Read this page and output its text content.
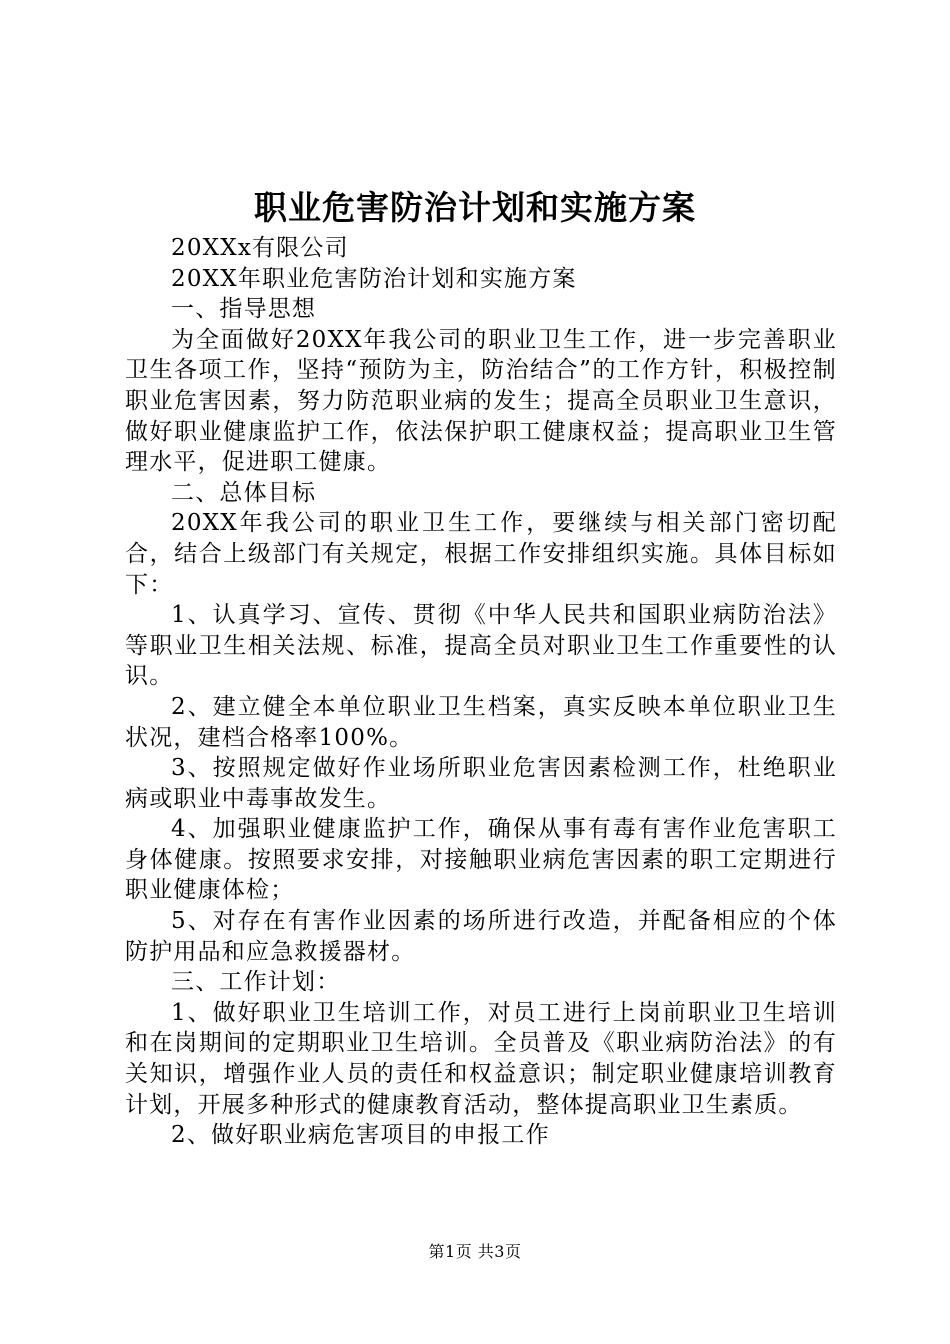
职业危害防治计划和实施方案

20XXx有限公司

20XX年职业危害防治计划和实施方案

一、指导思想

为全面做好20XX年我公司的职业卫生工作，进一步完善职业卫生各项工作，坚持“预防为主，防治结合”的工作方针，积极控制职业危害因素，努力防范职业病的发生；提高全员职业卫生意识，做好职业健康监护工作，依法保护职工健康权益；提高职业卫生管理水平，促进职工健康。

二、总体目标

20XX年我公司的职业卫生工作，要继续与相关部门密切配合，结合上级部门有关规定，根据工作安排组织实施。具体目标如下：

1、认真学习、宣传、贯彻《中华人民共和国职业病防治法》等职业卫生相关法规、标准，提高全员对职业卫生工作重要性的认识。

2、建立健全本单位职业卫生档案，真实反映本单位职业卫生状况，建档合格率100%。

3、按照规定做好作业场所职业危害因素检测工作，杜绝职业病或职业中毒事故发生。

4、加强职业健康监护工作，确保从事有毒有害作业危害职工身体健康。按照要求安排，对接触职业病危害因素的职工定期进行职业健康体检；

5、对存在有害作业因素的场所进行改造，并配备相应的个体防护用品和应急救援器材。

三、工作计划：

1、做好职业卫生培训工作，对员工进行上岗前职业卫生培训和在岗期间的定期职业卫生培训。全员普及《职业病防治法》的有关知识，增强作业人员的责任和权益意识；制定职业健康培训教育计划，开展多种形式的健康教育活动，整体提高职业卫生素质。

2、做好职业病危害项目的申报工作

第1页 共3页
